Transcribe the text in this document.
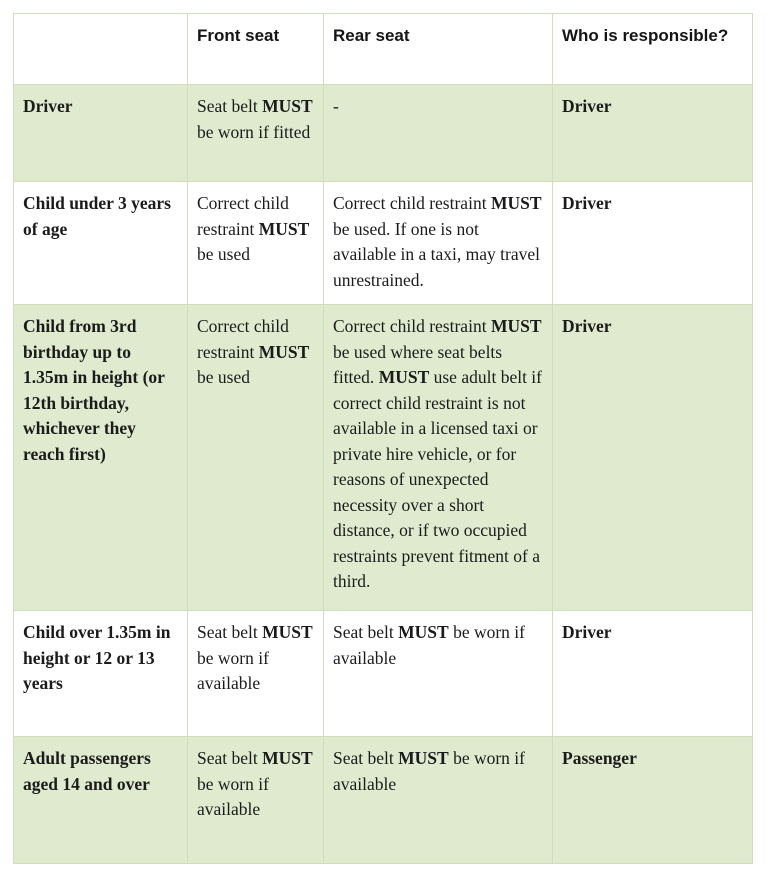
	Front seat	Rear seat	Who is responsible?

Driver	Seat belt MUST be worn if fitted	-	Driver

Child under 3 years of age	Correct child restraint MUST be used	Correct child restraint MUST be used. If one is not available in a taxi, may travel unrestrained.	Driver

Child from 3rd birthday up to 1.35m in height (or 12th birthday, whichever they reach first)	Correct child restraint MUST be used	Correct child restraint MUST be used where seat belts fitted. MUST use adult belt if correct child restraint is not available in a licensed taxi or private hire vehicle, or for reasons of unexpected necessity over a short distance, or if two occupied restraints prevent fitment of a third.	Driver

Child over 1.35m in height or 12 or 13 years	Seat belt MUST be worn if available	Seat belt MUST be worn if available	Driver

Adult passengers aged 14 and over	Seat belt MUST be worn if available	Seat belt MUST be worn if available	Passenger
